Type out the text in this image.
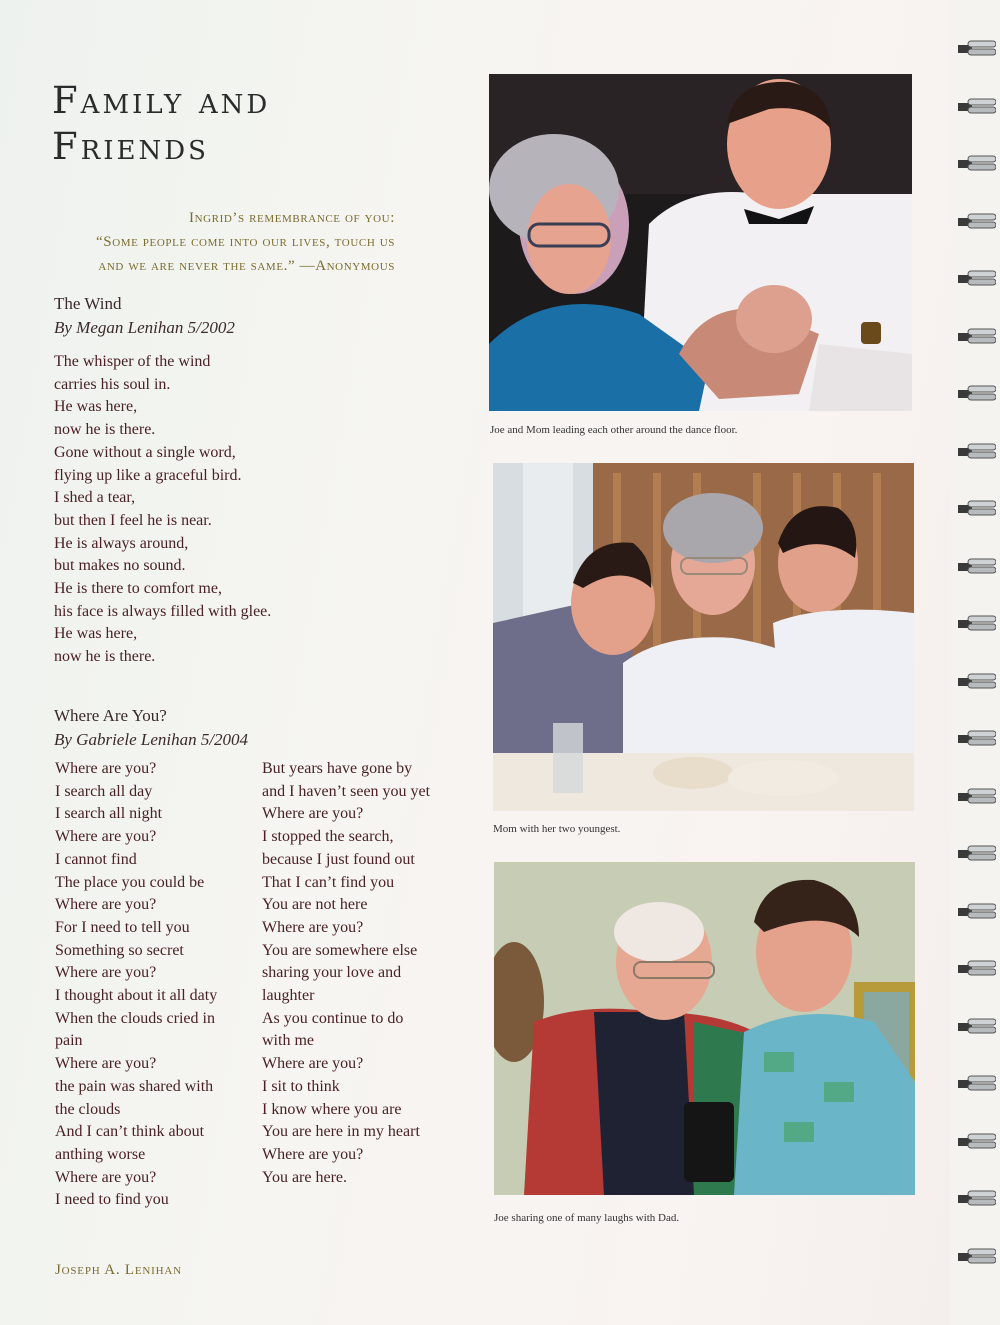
Family and
Friends
Ingrid’s remembrance of you:
“Some people come into our lives, touch us
and we are never the same.” —Anonymous
The Wind
By Megan Lenihan 5/2002
The whisper of the wind
carries his soul in.
He was here,
now he is there.
Gone without a single word,
flying up like a graceful bird.
I shed a tear,
but then I feel he is near.
He is always around,
but makes no sound.
He is there to comfort me,
his face is always filled with glee.
He was here,
now he is there.
Where Are You?
By Gabriele Lenihan 5/2004
Where are you?
I search all day
I search all night
Where are you?
I cannot find
The place you could be
Where are you?
For I need to tell you
Something so secret
Where are you?
I thought about it all daty
When the clouds cried in
pain
Where are you?
the pain was shared with
the clouds
And I can’t think about
anthing worse
Where are you?
I need to find you
But years have gone by
and I haven’t seen you yet
Where are you?
I stopped the search,
because I just found out
That I can’t find you
You are not here
Where are you?
You are somewhere else
sharing your love and
laughter
As you continue to do
with me
Where are you?
I sit to think
I know where you are
You are here in my heart
Where are you?
You are here.
Joseph A. Lenihan
Joe and Mom leading each other around the dance floor.
Mom with her two youngest.
Joe sharing one of many laughs with Dad.
